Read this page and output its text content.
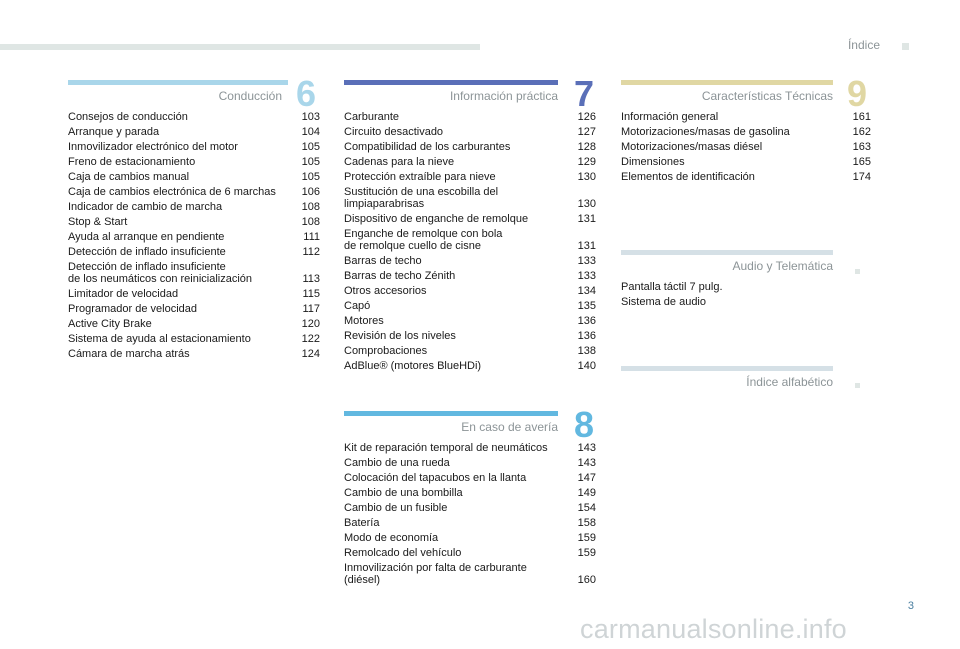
Índice
Conducción 6
Consejos de conducción	103
Arranque y parada	104
Inmovilizador electrónico del motor	105
Freno de estacionamiento	105
Caja de cambios manual	105
Caja de cambios electrónica de 6 marchas	106
Indicador de cambio de marcha	108
Stop & Start	108
Ayuda al arranque en pendiente	111
Detección de inflado insuficiente	112
Detección de inflado insuficiente
de los neumáticos con reinicialización	113
Limitador de velocidad	115
Programador de velocidad	117
Active City Brake	120
Sistema de ayuda al estacionamiento	122
Cámara de marcha atrás	124
Información práctica 7
Carburante	126
Circuito desactivado	127
Compatibilidad de los carburantes	128
Cadenas para la nieve	129
Protección extraíble para nieve	130
Sustitución de una escobilla del
limpiaparabrisas	130
Dispositivo de enganche de remolque	131
Enganche de remolque con bola
de remolque cuello de cisne	131
Barras de techo	133
Barras de techo Zénith	133
Otros accesorios	134
Capó	135
Motores	136
Revisión de los niveles	136
Comprobaciones	138
AdBlue® (motores BlueHDi)	140
En caso de avería 8
Kit de reparación temporal de neumáticos	143
Cambio de una rueda	143
Colocación del tapacubos en la llanta	147
Cambio de una bombilla	149
Cambio de un fusible	154
Batería	158
Modo de economía	159
Remolcado del vehículo	159
Inmovilización por falta de carburante
(diésel)	160
Características Técnicas 9
Información general	161
Motorizaciones/masas de gasolina	162
Motorizaciones/masas diésel	163
Dimensiones	165
Elementos de identificación	174
Audio y Telemática
Pantalla táctil 7 pulg.
Sistema de audio
Índice alfabético
3
carmanualsonline.info
